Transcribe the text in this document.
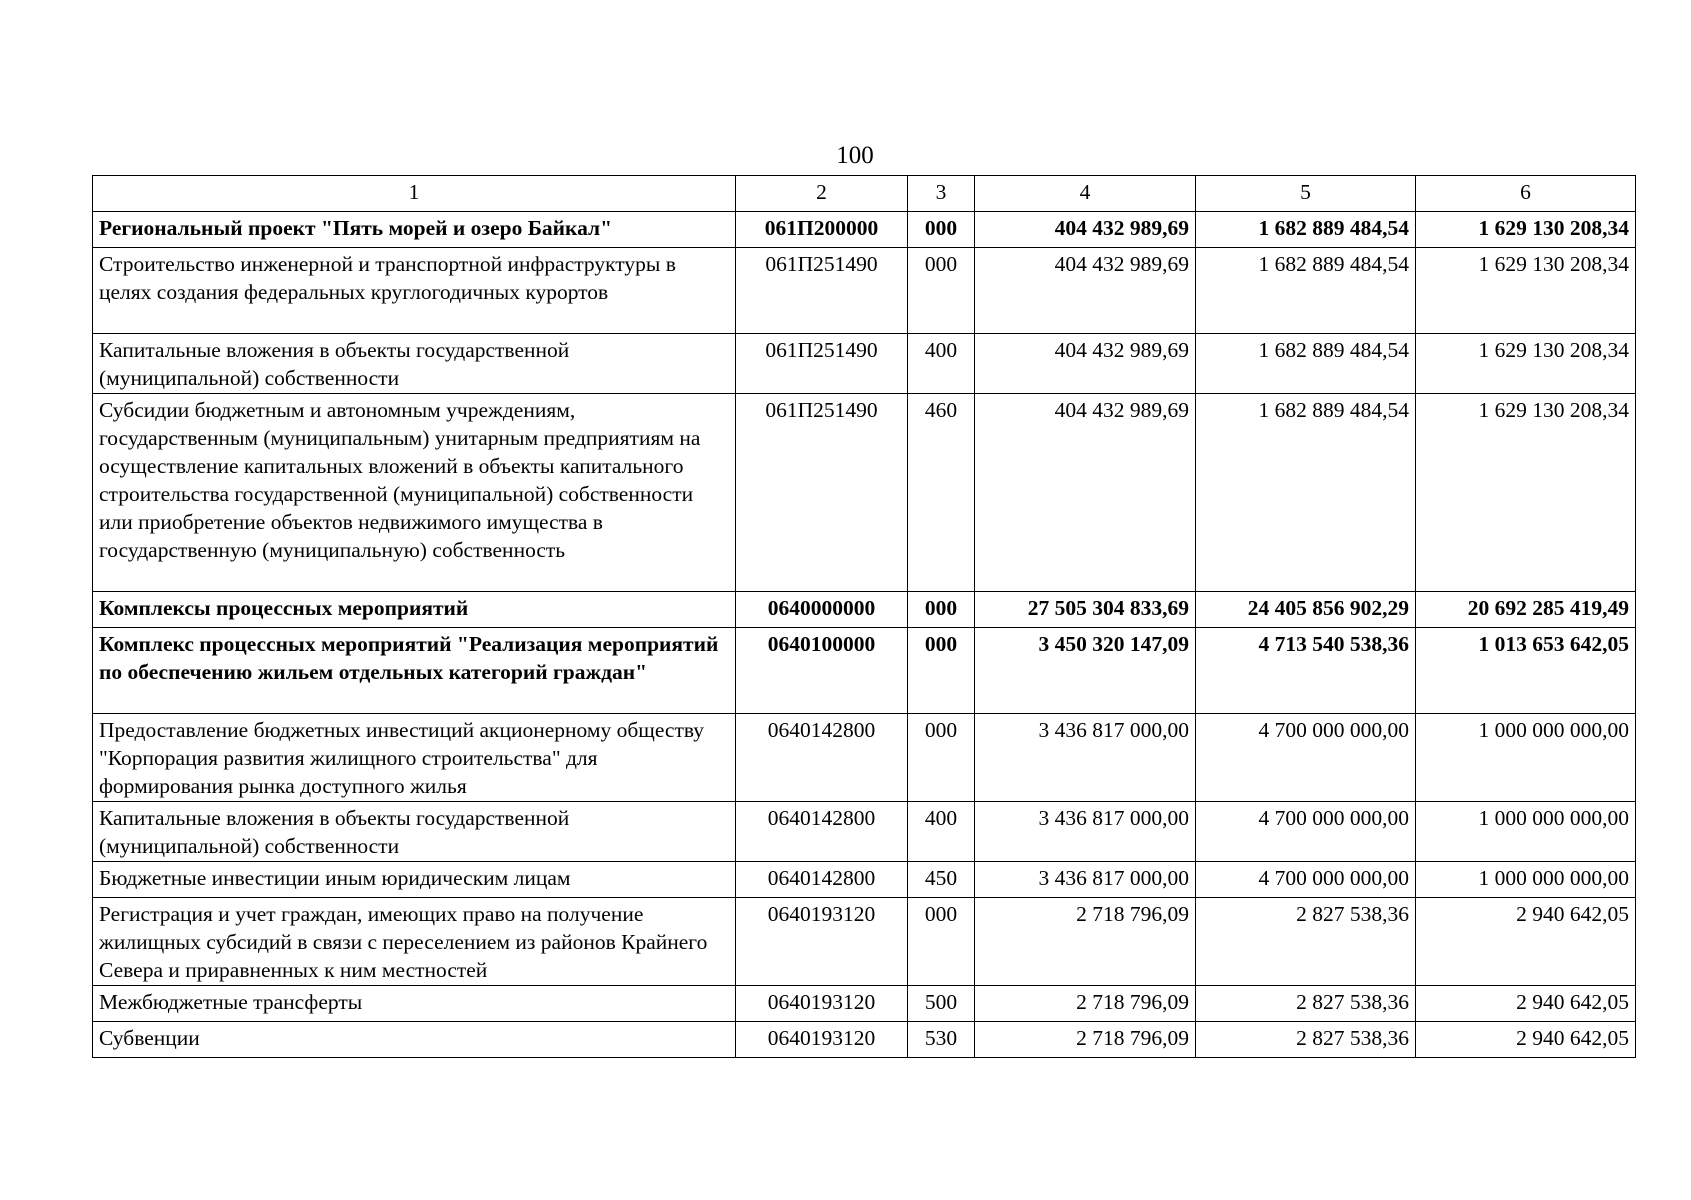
100
1	2	3	4	5	6
Региональный проект "Пять морей и озеро Байкал"	061П200000	000	404 432 989,69	1 682 889 484,54	1 629 130 208,34
Строительство инженерной и транспортной инфраструктуры в целях создания федеральных круглогодичных курортов	061П251490	000	404 432 989,69	1 682 889 484,54	1 629 130 208,34
Капитальные вложения в объекты государственной (муниципальной) собственности	061П251490	400	404 432 989,69	1 682 889 484,54	1 629 130 208,34
Субсидии бюджетным и автономным учреждениям, государственным (муниципальным) унитарным предприятиям на осуществление капитальных вложений в объекты капитального строительства государственной (муниципальной) собственности или приобретение объектов недвижимого имущества в государственную (муниципальную) собственность	061П251490	460	404 432 989,69	1 682 889 484,54	1 629 130 208,34
Комплексы процессных мероприятий	0640000000	000	27 505 304 833,69	24 405 856 902,29	20 692 285 419,49
Комплекс процессных мероприятий "Реализация мероприятий по обеспечению жильем отдельных категорий граждан"	0640100000	000	3 450 320 147,09	4 713 540 538,36	1 013 653 642,05
Предоставление бюджетных инвестиций акционерному обществу "Корпорация развития жилищного строительства" для формирования рынка доступного жилья	0640142800	000	3 436 817 000,00	4 700 000 000,00	1 000 000 000,00
Капитальные вложения в объекты государственной (муниципальной) собственности	0640142800	400	3 436 817 000,00	4 700 000 000,00	1 000 000 000,00
Бюджетные инвестиции иным юридическим лицам	0640142800	450	3 436 817 000,00	4 700 000 000,00	1 000 000 000,00
Регистрация и учет граждан, имеющих право на получение жилищных субсидий в связи с переселением из районов Крайнего Севера и приравненных к ним местностей	0640193120	000	2 718 796,09	2 827 538,36	2 940 642,05
Межбюджетные трансферты	0640193120	500	2 718 796,09	2 827 538,36	2 940 642,05
Субвенции	0640193120	530	2 718 796,09	2 827 538,36	2 940 642,05
